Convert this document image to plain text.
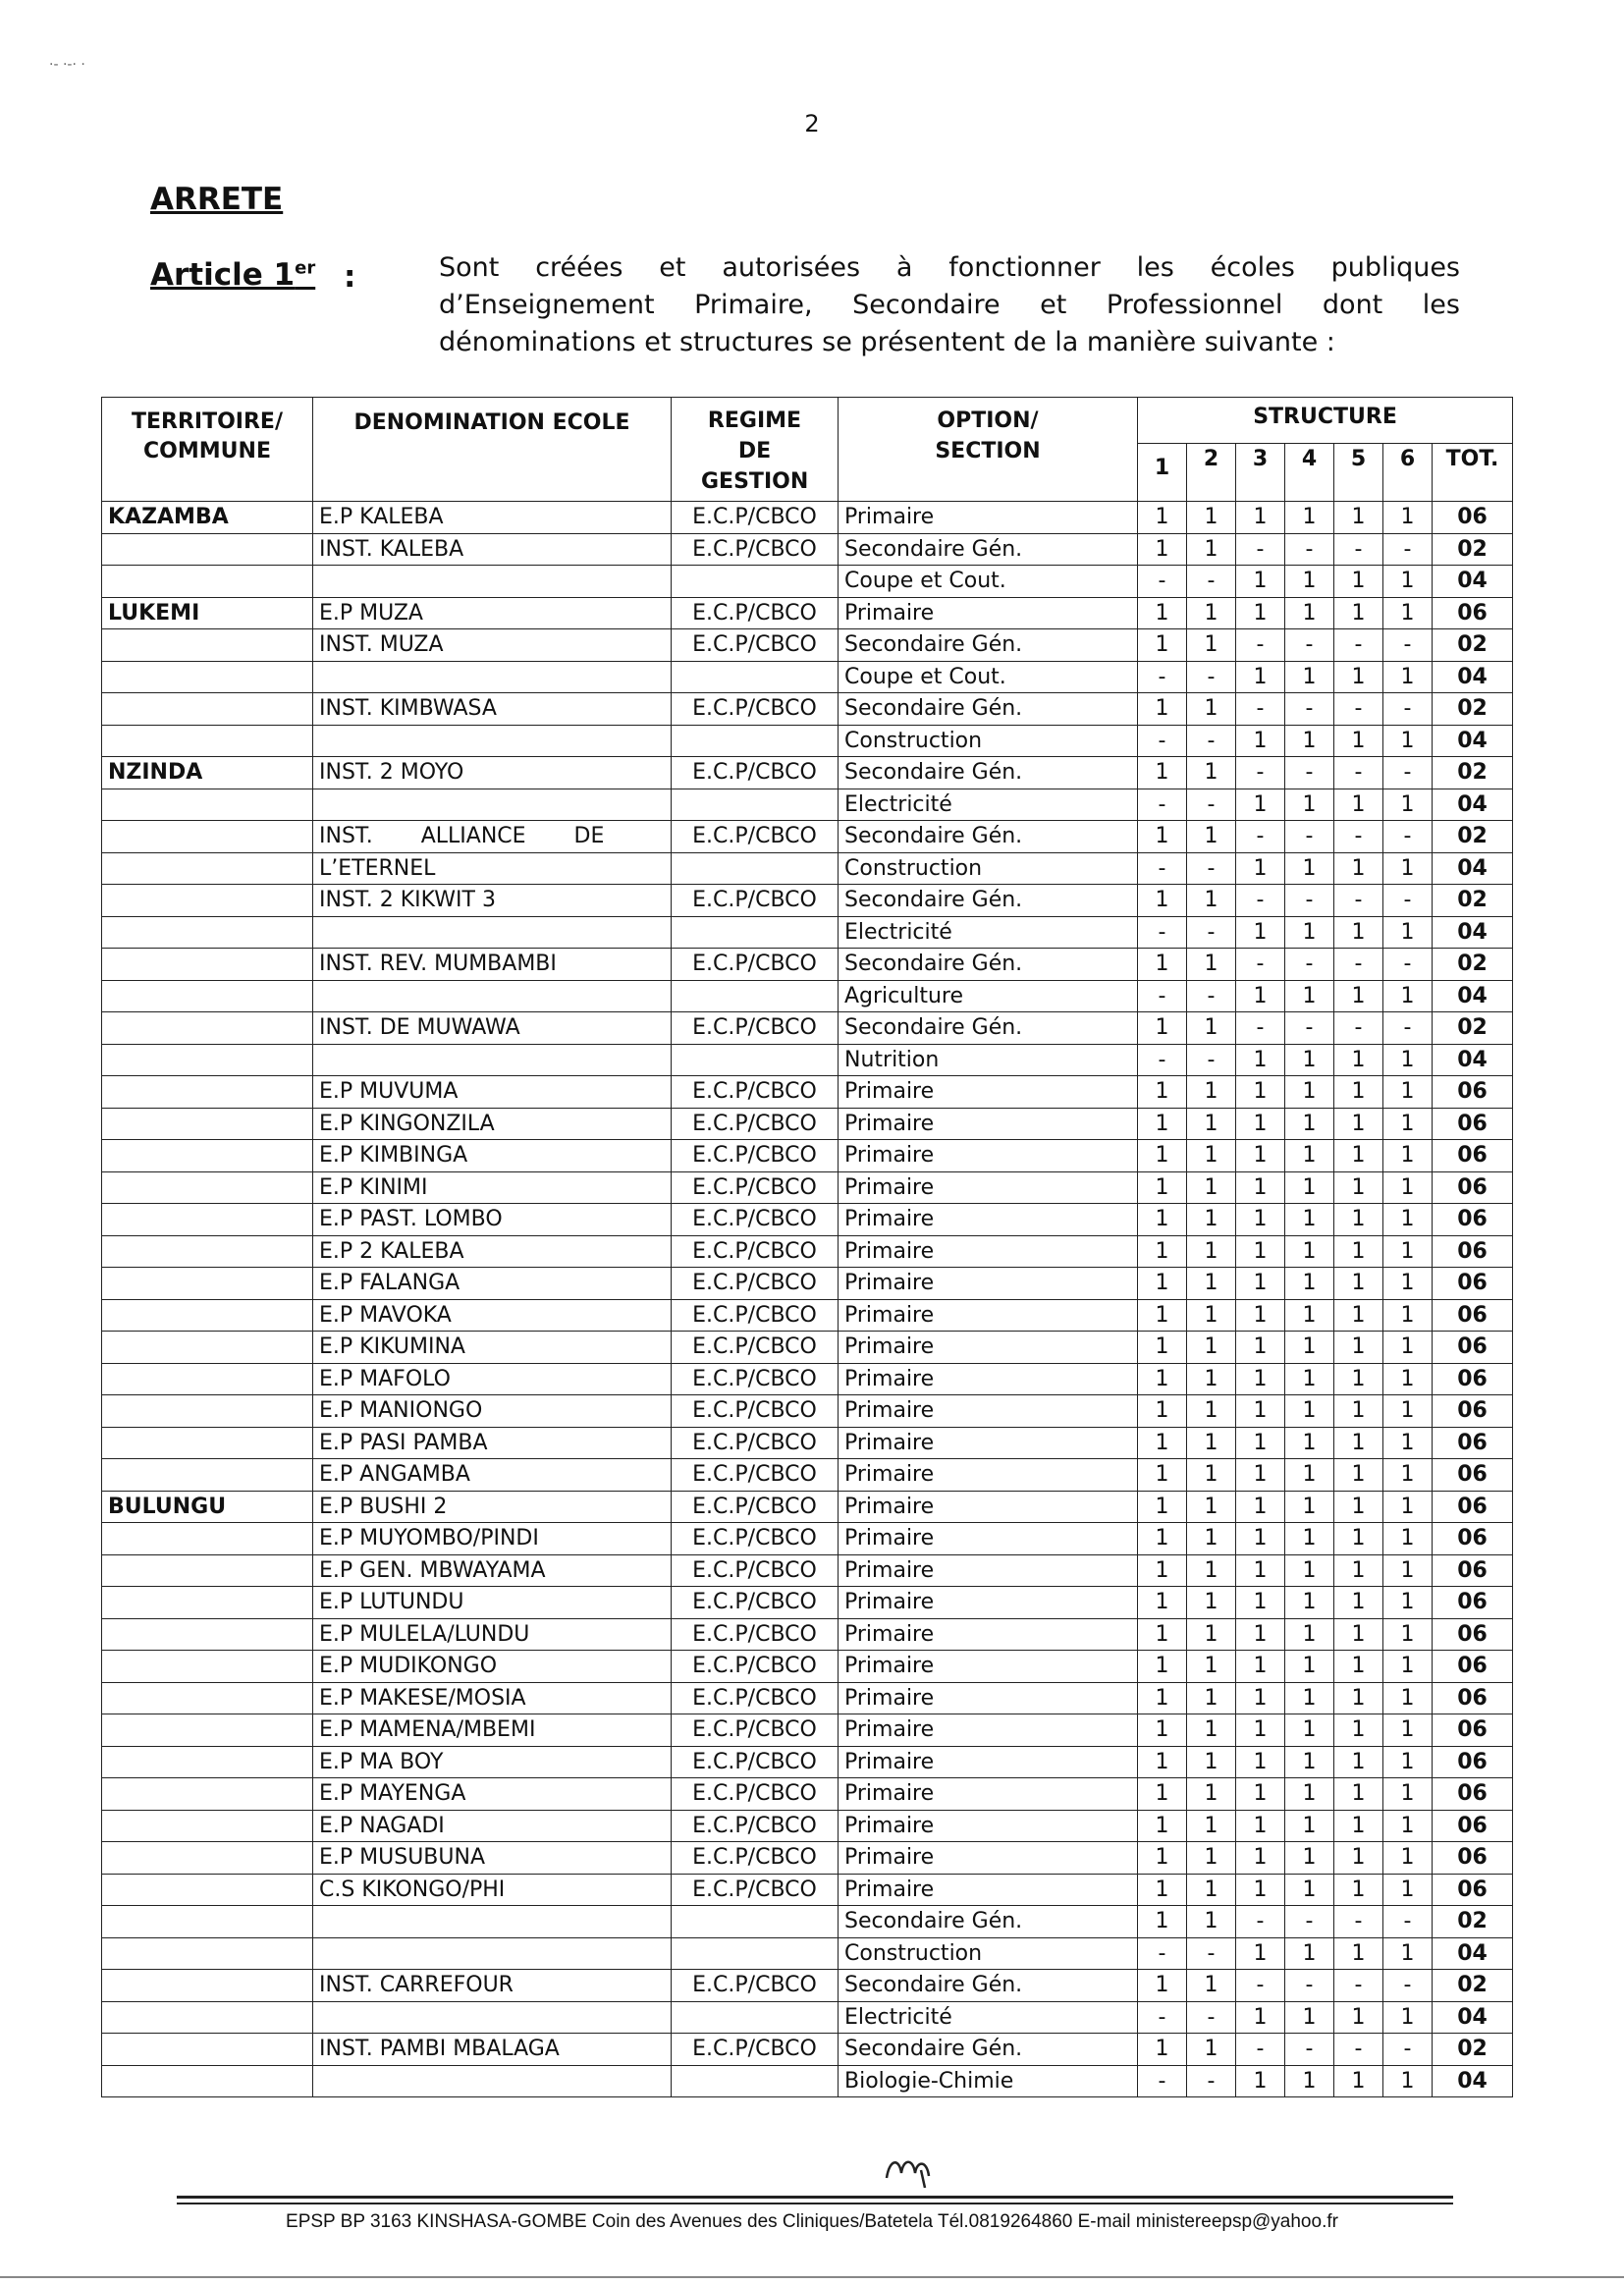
·- ·-· ·
2
ARRETE
Article 1er :	Sont créées et autorisées à fonctionner les écoles publiques d’Enseignement Primaire, Secondaire et Professionnel dont les dénominations et structures se présentent de la manière suivante :
TERRITOIRE/ COMMUNE	DENOMINATION ECOLE	REGIME DE GESTION	OPTION/ SECTION	STRUCTURE						
				1	2	3	4	5	6	TOT.
KAZAMBA	E.P KALEBA	E.C.P/CBCO	Primaire	1	1	1	1	1	1	06
	INST. KALEBA	E.C.P/CBCO	Secondaire Gén.	1	1	-	-	-	-	02
			Coupe et Cout.	-	-	1	1	1	1	04
LUKEMI	E.P MUZA	E.C.P/CBCO	Primaire	1	1	1	1	1	1	06
	INST. MUZA	E.C.P/CBCO	Secondaire Gén.	1	1	-	-	-	-	02
			Coupe et Cout.	-	-	1	1	1	1	04
	INST. KIMBWASA	E.C.P/CBCO	Secondaire Gén.	1	1	-	-	-	-	02
			Construction	-	-	1	1	1	1	04
NZINDA	INST. 2 MOYO	E.C.P/CBCO	Secondaire Gén.	1	1	-	-	-	-	02
			Electricité	-	-	1	1	1	1	04
	INST. ALLIANCE DE	E.C.P/CBCO	Secondaire Gén.	1	1	-	-	-	-	02
	L’ETERNEL		Construction	-	-	1	1	1	1	04
	INST. 2 KIKWIT 3	E.C.P/CBCO	Secondaire Gén.	1	1	-	-	-	-	02
			Electricité	-	-	1	1	1	1	04
	INST. REV. MUMBAMBI	E.C.P/CBCO	Secondaire Gén.	1	1	-	-	-	-	02
			Agriculture	-	-	1	1	1	1	04
	INST. DE MUWAWA	E.C.P/CBCO	Secondaire Gén.	1	1	-	-	-	-	02
			Nutrition	-	-	1	1	1	1	04
	E.P MUVUMA	E.C.P/CBCO	Primaire	1	1	1	1	1	1	06
	E.P KINGONZILA	E.C.P/CBCO	Primaire	1	1	1	1	1	1	06
	E.P KIMBINGA	E.C.P/CBCO	Primaire	1	1	1	1	1	1	06
	E.P KINIMI	E.C.P/CBCO	Primaire	1	1	1	1	1	1	06
	E.P PAST. LOMBO	E.C.P/CBCO	Primaire	1	1	1	1	1	1	06
	E.P 2 KALEBA	E.C.P/CBCO	Primaire	1	1	1	1	1	1	06
	E.P FALANGA	E.C.P/CBCO	Primaire	1	1	1	1	1	1	06
	E.P MAVOKA	E.C.P/CBCO	Primaire	1	1	1	1	1	1	06
	E.P KIKUMINA	E.C.P/CBCO	Primaire	1	1	1	1	1	1	06
	E.P MAFOLO	E.C.P/CBCO	Primaire	1	1	1	1	1	1	06
	E.P MANIONGO	E.C.P/CBCO	Primaire	1	1	1	1	1	1	06
	E.P PASI PAMBA	E.C.P/CBCO	Primaire	1	1	1	1	1	1	06
	E.P ANGAMBA	E.C.P/CBCO	Primaire	1	1	1	1	1	1	06
BULUNGU	E.P BUSHI 2	E.C.P/CBCO	Primaire	1	1	1	1	1	1	06
	E.P MUYOMBO/PINDI	E.C.P/CBCO	Primaire	1	1	1	1	1	1	06
	E.P GEN. MBWAYAMA	E.C.P/CBCO	Primaire	1	1	1	1	1	1	06
	E.P LUTUNDU	E.C.P/CBCO	Primaire	1	1	1	1	1	1	06
	E.P MULELA/LUNDU	E.C.P/CBCO	Primaire	1	1	1	1	1	1	06
	E.P MUDIKONGO	E.C.P/CBCO	Primaire	1	1	1	1	1	1	06
	E.P MAKESE/MOSIA	E.C.P/CBCO	Primaire	1	1	1	1	1	1	06
	E.P MAMENA/MBEMI	E.C.P/CBCO	Primaire	1	1	1	1	1	1	06
	E.P MA BOY	E.C.P/CBCO	Primaire	1	1	1	1	1	1	06
	E.P MAYENGA	E.C.P/CBCO	Primaire	1	1	1	1	1	1	06
	E.P NAGADI	E.C.P/CBCO	Primaire	1	1	1	1	1	1	06
	E.P MUSUBUNA	E.C.P/CBCO	Primaire	1	1	1	1	1	1	06
	C.S KIKONGO/PHI	E.C.P/CBCO	Primaire	1	1	1	1	1	1	06
			Secondaire Gén.	1	1	-	-	-	-	02
			Construction	-	-	1	1	1	1	04
	INST. CARREFOUR	E.C.P/CBCO	Secondaire Gén.	1	1	-	-	-	-	02
			Electricité	-	-	1	1	1	1	04
	INST. PAMBI MBALAGA	E.C.P/CBCO	Secondaire Gén.	1	1	-	-	-	-	02
			Biologie-Chimie	-	-	1	1	1	1	04
EPSP BP 3163 KINSHASA-GOMBE Coin des Avenues des Cliniques/Batetela Tél.0819264860 E-mail ministereepsp@yahoo.fr
